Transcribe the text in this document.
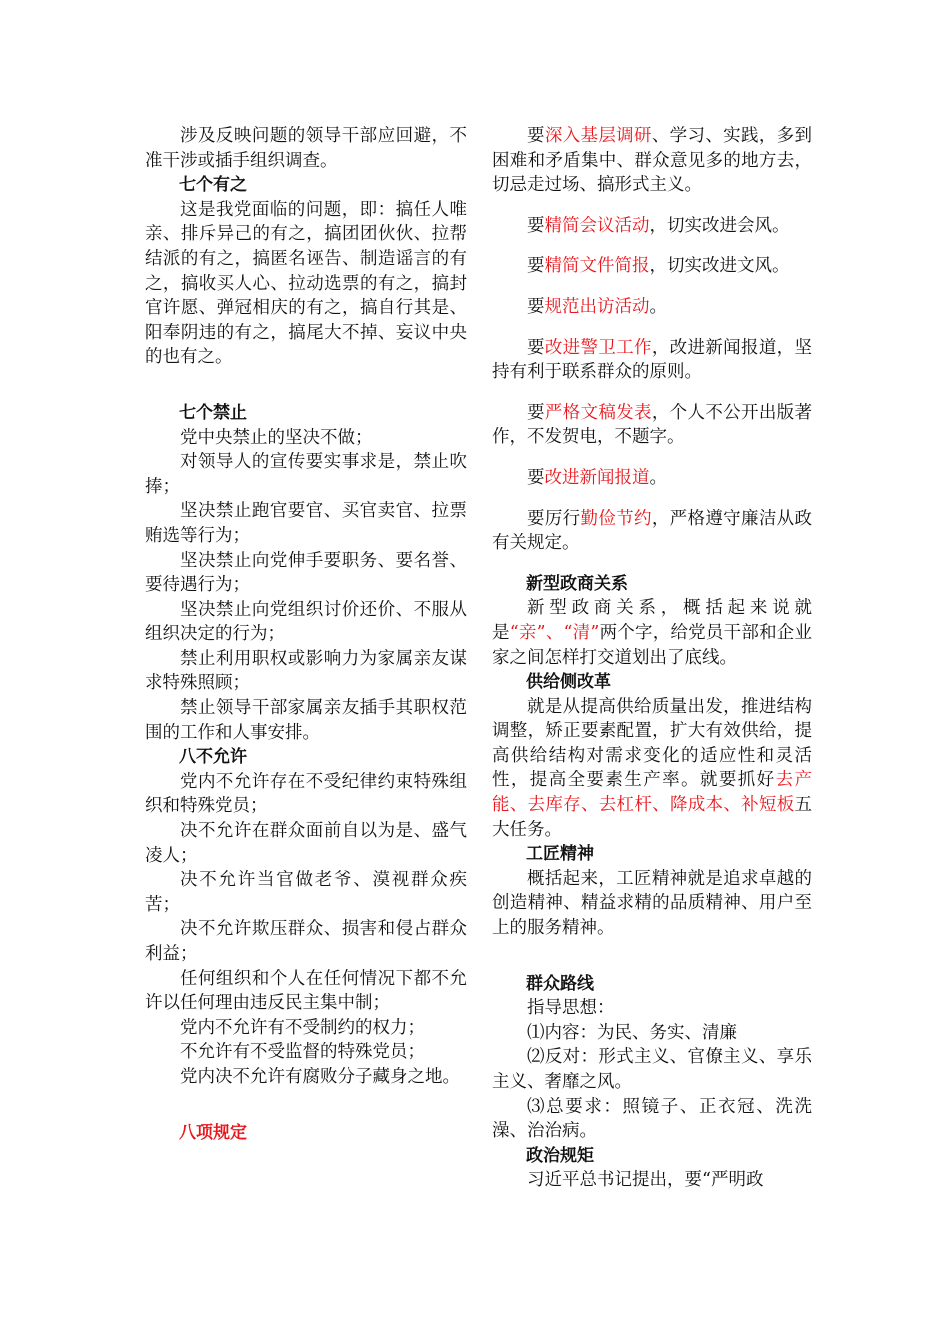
涉及反映问题的领导干部应回避，不准干涉或插手组织调查。

七个有之

这是我党面临的问题，即：搞任人唯亲、排斥异己的有之，搞团团伙伙、拉帮结派的有之，搞匿名诬告、制造谣言的有之，搞收买人心、拉动选票的有之，搞封官许愿、弹冠相庆的有之，搞自行其是、阳奉阴违的有之，搞尾大不掉、妄议中央的也有之。

七个禁止

党中央禁止的坚决不做；

对领导人的宣传要实事求是，禁止吹捧；

坚决禁止跑官要官、买官卖官、拉票贿选等行为；

坚决禁止向党伸手要职务、要名誉、要待遇行为；

坚决禁止向党组织讨价还价、不服从组织决定的行为；

禁止利用职权或影响力为家属亲友谋求特殊照顾；

禁止领导干部家属亲友插手其职权范围的工作和人事安排。

八不允许

党内不允许存在不受纪律约束特殊组织和特殊党员；

决不允许在群众面前自以为是、盛气凌人；

决不允许当官做老爷、漠视群众疾苦；

决不允许欺压群众、损害和侵占群众利益；

任何组织和个人在任何情况下都不允许以任何理由违反民主集中制；

党内不允许有不受制约的权力；

不允许有不受监督的特殊党员；

党内决不允许有腐败分子藏身之地。

八项规定

要深入基层调研、学习、实践，多到困难和矛盾集中、群众意见多的地方去，切忌走过场、搞形式主义。

要精简会议活动，切实改进会风。

要精简文件简报，切实改进文风。

要规范出访活动。

要改进警卫工作，改进新闻报道，坚持有利于联系群众的原则。

要严格文稿发表，个人不公开出版著作，不发贺电，不题字。

要改进新闻报道。

要厉行勤俭节约，严格遵守廉洁从政有关规定。

新型政商关系

新型政商关系，概括起来说就是“亲”、“清”两个字，给党员干部和企业家之间怎样打交道划出了底线。

供给侧改革

就是从提高供给质量出发，推进结构调整，矫正要素配置，扩大有效供给，提高供给结构对需求变化的适应性和灵活性，提高全要素生产率。就要抓好去产能、去库存、去杠杆、降成本、补短板五大任务。

工匠精神

概括起来，工匠精神就是追求卓越的创造精神、精益求精的品质精神、用户至上的服务精神。

群众路线

指导思想：

⑴内容：为民、务实、清廉

⑵反对：形式主义、官僚主义、享乐主义、奢靡之风。

⑶总要求：照镜子、正衣冠、洗洗澡、治治病。

政治规矩

习近平总书记提出，要“严明政
